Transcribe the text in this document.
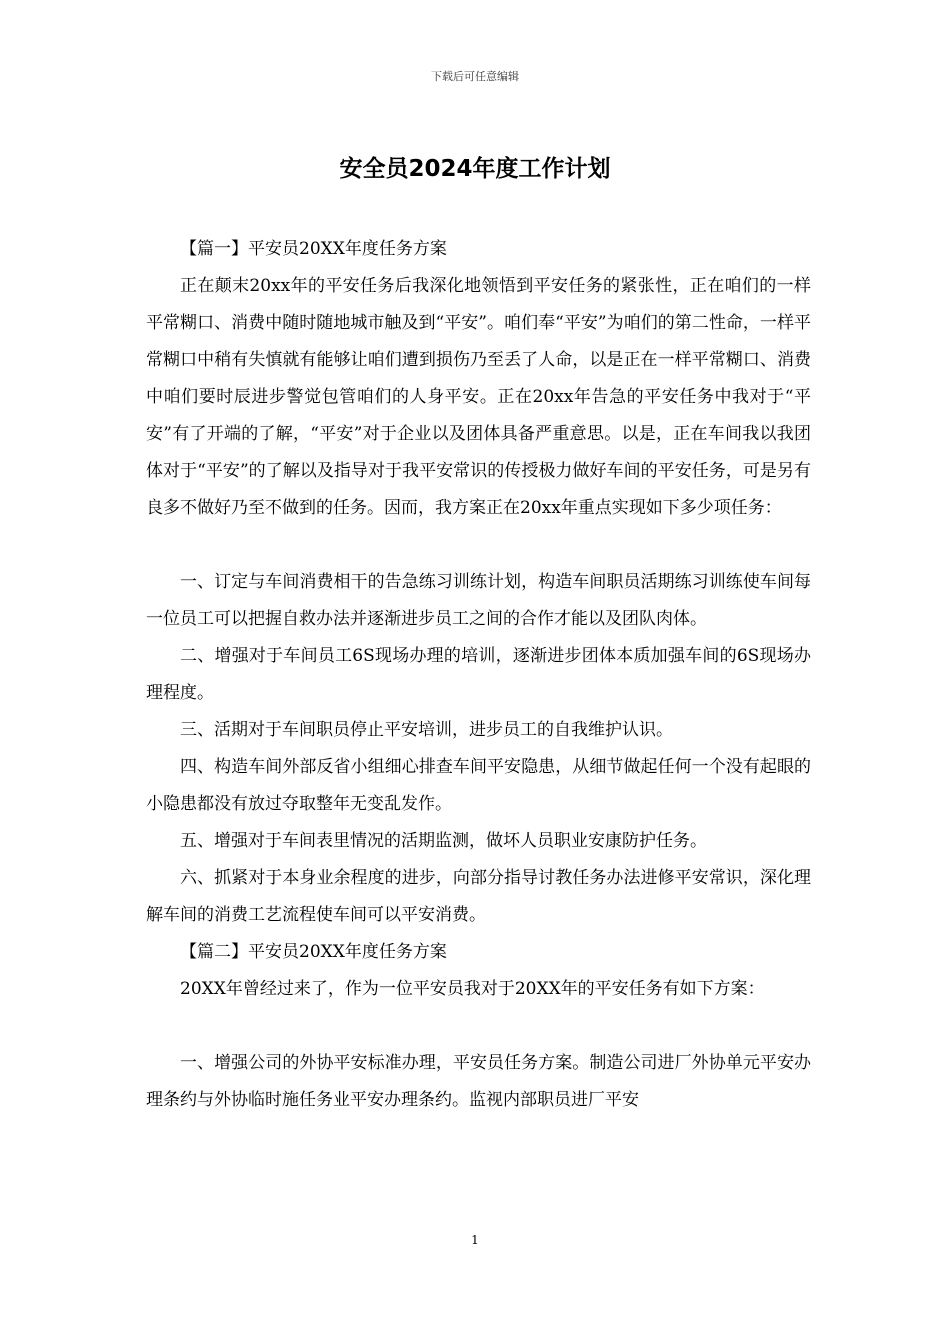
下载后可任意编辑
安全员2024年度工作计划

【篇一】平安员20XX年度任务方案

正在颠末20xx年的平安任务后我深化地领悟到平安任务的紧张性，正在咱们的一样平常糊口、消费中随时随地城市触及到“平安”。咱们奉“平安”为咱们的第二性命，一样平常糊口中稍有失慎就有能够让咱们遭到损伤乃至丢了人命，以是正在一样平常糊口、消费中咱们要时辰进步警觉包管咱们的人身平安。正在20xx年告急的平安任务中我对于“平安”有了开端的了解，“平安”对于企业以及团体具备严重意思。以是，正在车间我以我团体对于“平安”的了解以及指导对于我平安常识的传授极力做好车间的平安任务，可是另有良多不做好乃至不做到的任务。因而，我方案正在20xx年重点实现如下多少项任务：

一、订定与车间消费相干的告急练习训练计划，构造车间职员活期练习训练使车间每一位员工可以把握自救办法并逐渐进步员工之间的合作才能以及团队肉体。

二、增强对于车间员工6S现场办理的培训，逐渐进步团体本质加强车间的6S现场办理程度。

三、活期对于车间职员停止平安培训，进步员工的自我维护认识。

四、构造车间外部反省小组细心排查车间平安隐患，从细节做起任何一个没有起眼的小隐患都没有放过夺取整年无变乱发作。

五、增强对于车间表里情况的活期监测，做坏人员职业安康防护任务。

六、抓紧对于本身业余程度的进步，向部分指导讨教任务办法进修平安常识，深化理解车间的消费工艺流程使车间可以平安消费。

【篇二】平安员20XX年度任务方案

20XX年曾经过来了，作为一位平安员我对于20XX年的平安任务有如下方案：

一、增强公司的外协平安标准办理，平安员任务方案。制造公司进厂外协单元平安办理条约与外协临时施任务业平安办理条约。监视内部职员进厂平安

1
